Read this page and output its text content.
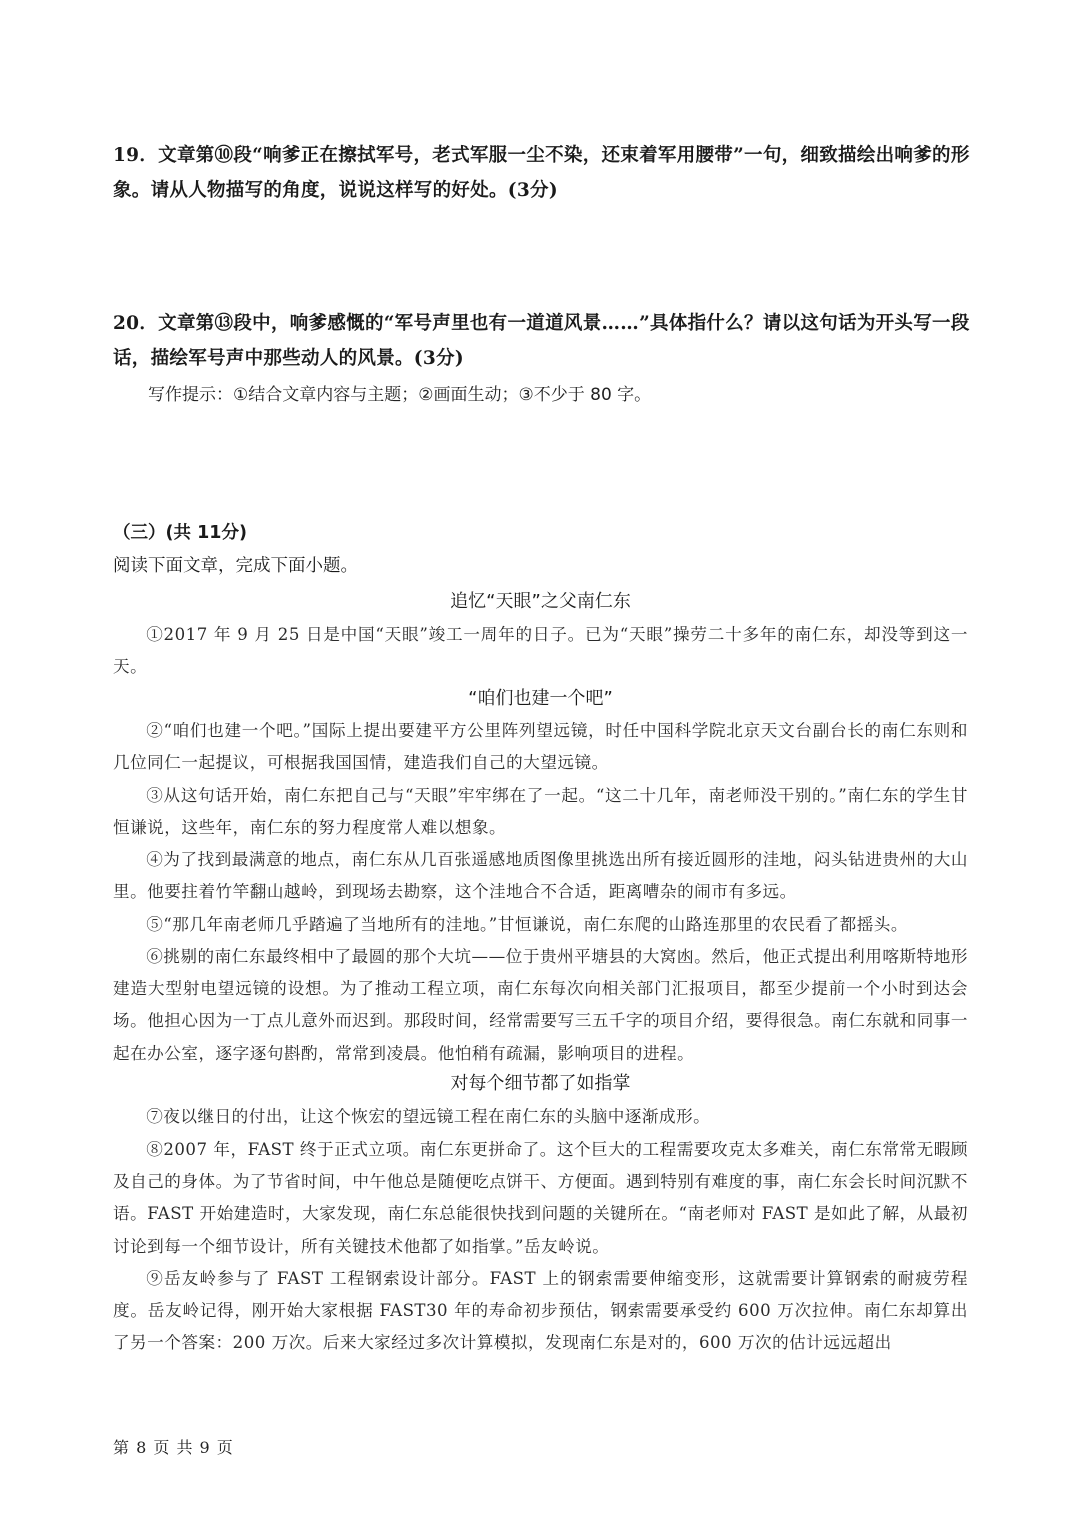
19．文章第⑩段“响爹正在擦拭军号，老式军服一尘不染，还束着军用腰带”一句，细致描绘出响爹的形象。请从人物描写的角度，说说这样写的好处。(3分)
20．文章第⑬段中，响爹感慨的“军号声里也有一道道风景……”具体指什么？请以这句话为开头写一段话，描绘军号声中那些动人的风景。(3分)
写作提示：①结合文章内容与主题；②画面生动；③不少于 80 字。
（三）(共 11分)
阅读下面文章，完成下面小题。
追忆“天眼”之父南仁东
①2017 年 9 月 25 日是中国“天眼”竣工一周年的日子。已为“天眼”操劳二十多年的南仁东，却没等到这一天。
“咱们也建一个吧”
②“咱们也建一个吧。”国际上提出要建平方公里阵列望远镜，时任中国科学院北京天文台副台长的南仁东则和几位同仁一起提议，可根据我国国情，建造我们自己的大望远镜。
③从这句话开始，南仁东把自己与“天眼”牢牢绑在了一起。“这二十几年，南老师没干别的。”南仁东的学生甘恒谦说，这些年，南仁东的努力程度常人难以想象。
④为了找到最满意的地点，南仁东从几百张遥感地质图像里挑选出所有接近圆形的洼地，闷头钻进贵州的大山里。他要拄着竹竿翻山越岭，到现场去勘察，这个洼地合不合适，距离嘈杂的闹市有多远。
⑤“那几年南老师几乎踏遍了当地所有的洼地。”甘恒谦说，南仁东爬的山路连那里的农民看了都摇头。
⑥挑剔的南仁东最终相中了最圆的那个大坑——位于贵州平塘县的大窝凼。然后，他正式提出利用喀斯特地形建造大型射电望远镜的设想。为了推动工程立项，南仁东每次向相关部门汇报项目，都至少提前一个小时到达会场。他担心因为一丁点儿意外而迟到。那段时间，经常需要写三五千字的项目介绍，要得很急。南仁东就和同事一起在办公室，逐字逐句斟酌，常常到凌晨。他怕稍有疏漏，影响项目的进程。
对每个细节都了如指掌
⑦夜以继日的付出，让这个恢宏的望远镜工程在南仁东的头脑中逐渐成形。
⑧2007 年，FAST 终于正式立项。南仁东更拼命了。这个巨大的工程需要攻克太多难关，南仁东常常无暇顾及自己的身体。为了节省时间，中午他总是随便吃点饼干、方便面。遇到特别有难度的事，南仁东会长时间沉默不语。FAST 开始建造时，大家发现，南仁东总能很快找到问题的关键所在。“南老师对 FAST 是如此了解，从最初讨论到每一个细节设计，所有关键技术他都了如指掌。”岳友岭说。
⑨岳友岭参与了 FAST 工程钢索设计部分。FAST 上的钢索需要伸缩变形，这就需要计算钢索的耐疲劳程度。岳友岭记得，刚开始大家根据 FAST30 年的寿命初步预估，钢索需要承受约 600 万次拉伸。南仁东却算出了另一个答案：200 万次。后来大家经过多次计算模拟，发现南仁东是对的，600 万次的估计远远超出
第 8 页 共 9 页
